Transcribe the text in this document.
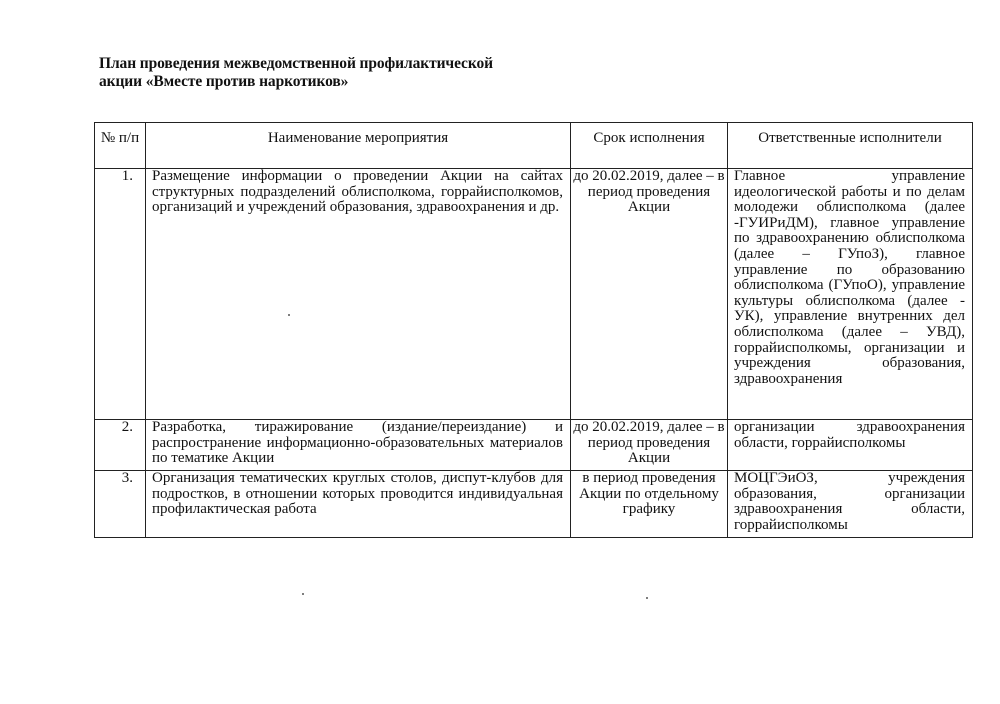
План проведения межведомственной профилактической
акции «Вместе против наркотиков»
№ п/п	Наименование мероприятия	Срок исполнения	Ответственные исполнители
1.	Размещение информации о проведении Акции на сайтах структурных подразделений облисполкома, горрайисполкомов, организаций и учреждений образования, здравоохранения и др.	до 20.02.2019, далее – в период проведения Акции	Главное управление идеологической работы и по делам молодежи облисполкома (далее -ГУИРиДМ), главное управление по здравоохранению облисполкома (далее – ГУпоЗ), главное управление по образованию облисполкома (ГУпоО), управление культуры облисполкома (далее - УК), управление внутренних дел облисполкома (далее – УВД), горрайисполкомы, организации и учреждения образования, здравоохранения
2.	Разработка, тиражирование (издание/переиздание) и распространение информационно-образовательных материалов по тематике Акции	до 20.02.2019, далее – в период проведения Акции	организации здравоохранения области, горрайисполкомы
3.	Организация тематических круглых столов, диспут-клубов для подростков, в отношении которых проводится индивидуальная профилактическая работа	в период проведения Акции по отдельному графику	МОЦГЭиОЗ, учреждения образования, организации здравоохранения области, горрайисполкомы
